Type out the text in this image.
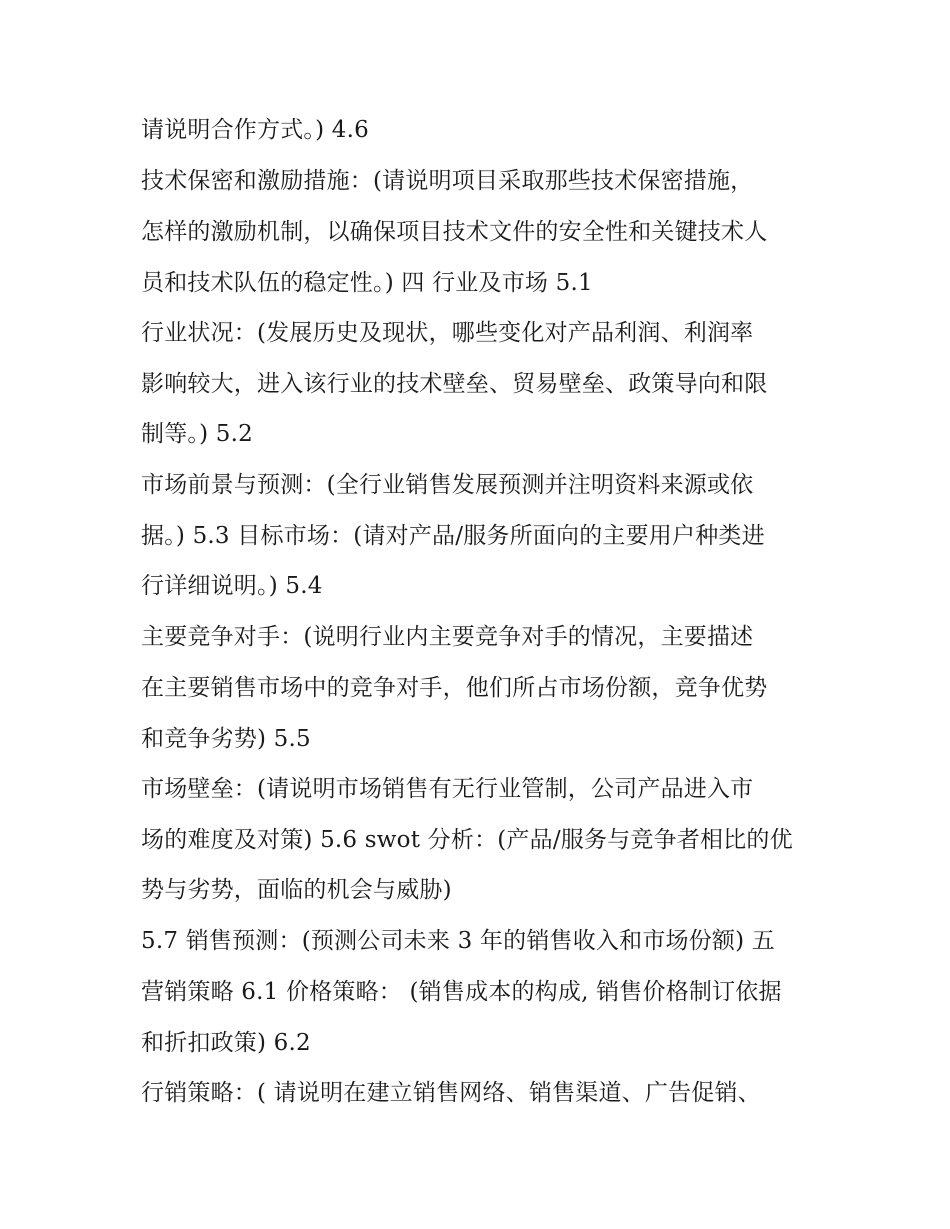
请说明合作方式。) 4.6
技术保密和激励措施：(请说明项目采取那些技术保密措施，
怎样的激励机制，以确保项目技术文件的安全性和关键技术人
员和技术队伍的稳定性。) 四 行业及市场 5.1
行业状况：(发展历史及现状，哪些变化对产品利润、利润率
影响较大，进入该行业的技术壁垒、贸易壁垒、政策导向和限
制等。) 5.2
市场前景与预测：(全行业销售发展预测并注明资料来源或依
据。) 5.3 目标市场：(请对产品/服务所面向的主要用户种类进
行详细说明。) 5.4
主要竞争对手：(说明行业内主要竞争对手的情况，主要描述
在主要销售市场中的竞争对手，他们所占市场份额，竞争优势
和竞争劣势) 5.5
市场壁垒：(请说明市场销售有无行业管制，公司产品进入市
场的难度及对策) 5.6 swot 分析：(产品/服务与竞争者相比的优
势与劣势，面临的机会与威胁)
5.7 销售预测：(预测公司未来 3 年的销售收入和市场份额) 五
营销策略 6.1 价格策略： (销售成本的构成, 销售价格制订依据
和折扣政策) 6.2
行销策略：( 请说明在建立销售网络、销售渠道、广告促销、
